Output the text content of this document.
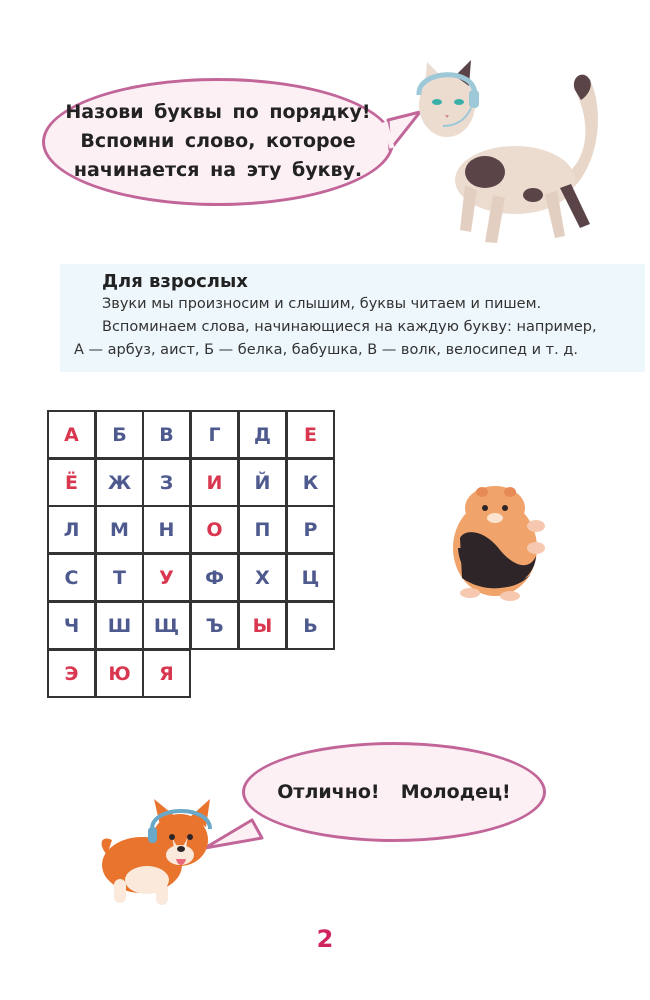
Назови буквы по порядку!
Вспомни слово, которое
начинается на эту букву.
Для взрослых
Звуки мы произносим и слышим, буквы читаем и пишем.
Вспоминаем слова, начинающиеся на каждую букву: например,
А — арбуз, аист, Б — белка, бабушка, В — волк, велосипед и т. д.
А	Б	В	Г	Д	Е
Ё	Ж	З	И	Й	К
Л	М	Н	О	П	Р
С	Т	У	Ф	Х	Ц
Ч	Ш	Щ	Ъ	Ы	Ь
Э	Ю	Я
Отлично!  Молодец!
2
